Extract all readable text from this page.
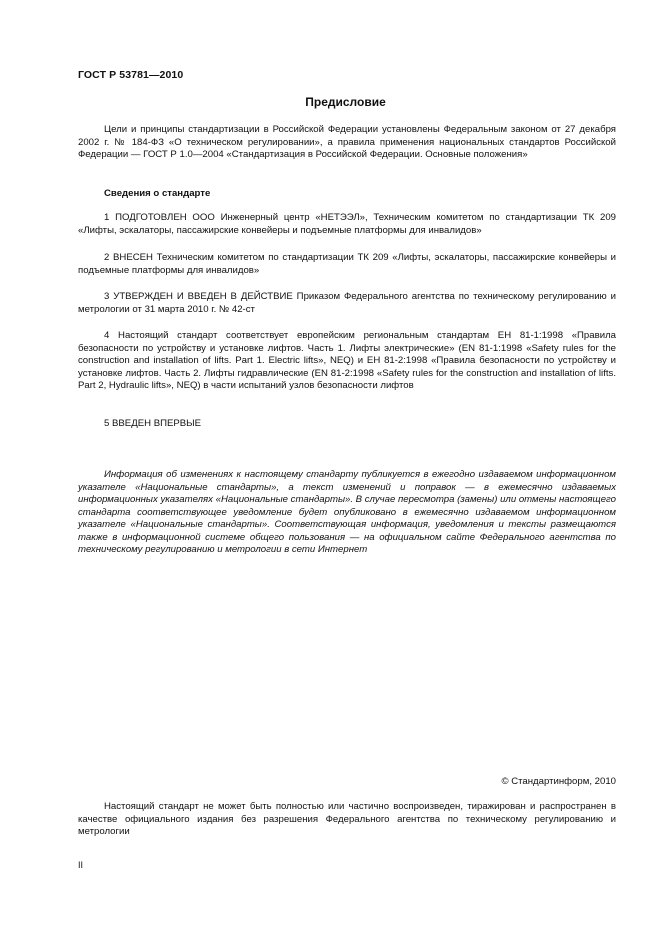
ГОСТ Р 53781—2010
Предисловие

Цели и принципы стандартизации в Российской Федерации установлены Федеральным законом от 27 декабря 2002 г. № 184-ФЗ «О техническом регулировании», а правила применения национальных стандартов Российской Федерации — ГОСТ Р 1.0—2004 «Стандартизация в Российской Федерации. Основные положения»

Сведения о стандарте

1 ПОДГОТОВЛЕН ООО Инженерный центр «НЕТЭЭЛ», Техническим комитетом по стандартизации ТК 209 «Лифты, эскалаторы, пассажирские конвейеры и подъемные платформы для инвалидов»

2 ВНЕСЕН Техническим комитетом по стандартизации ТК 209 «Лифты, эскалаторы, пассажирские конвейеры и подъемные платформы для инвалидов»

3 УТВЕРЖДЕН И ВВЕДЕН В ДЕЙСТВИЕ Приказом Федерального агентства по техническому регулированию и метрологии от 31 марта 2010 г. № 42-ст

4 Настоящий стандарт соответствует европейским региональным стандартам ЕН 81-1:1998 «Правила безопасности по устройству и установке лифтов. Часть 1. Лифты электрические» (EN 81-1:1998 «Safety rules for the construction and installation of lifts. Part 1. Electric lifts», NEQ) и ЕН 81-2:1998 «Правила безопасности по устройству и установке лифтов. Часть 2. Лифты гидравлические (EN 81-2:1998 «Safety rules for the construction and installation of lifts. Part 2, Hydraulic lifts», NEQ) в части испытаний узлов безопасности лифтов

5 ВВЕДЕН ВПЕРВЫЕ

Информация об изменениях к настоящему стандарту публикуется в ежегодно издаваемом информационном указателе «Национальные стандарты», а текст изменений и поправок — в ежемесячно издаваемых информационных указателях «Национальные стандарты». В случае пересмотра (замены) или отмены настоящего стандарта соответствующее уведомление будет опубликовано в ежемесячно издаваемом информационном указателе «Национальные стандарты». Соответствующая информация, уведомления и тексты размещаются также в информационной системе общего пользования — на официальном сайте Федерального агентства по техническому регулированию и метрологии в сети Интернет

© Стандартинформ, 2010

Настоящий стандарт не может быть полностью или частично воспроизведен, тиражирован и распространен в качестве официального издания без разрешения Федерального агентства по техническому регулированию и метрологии

II
